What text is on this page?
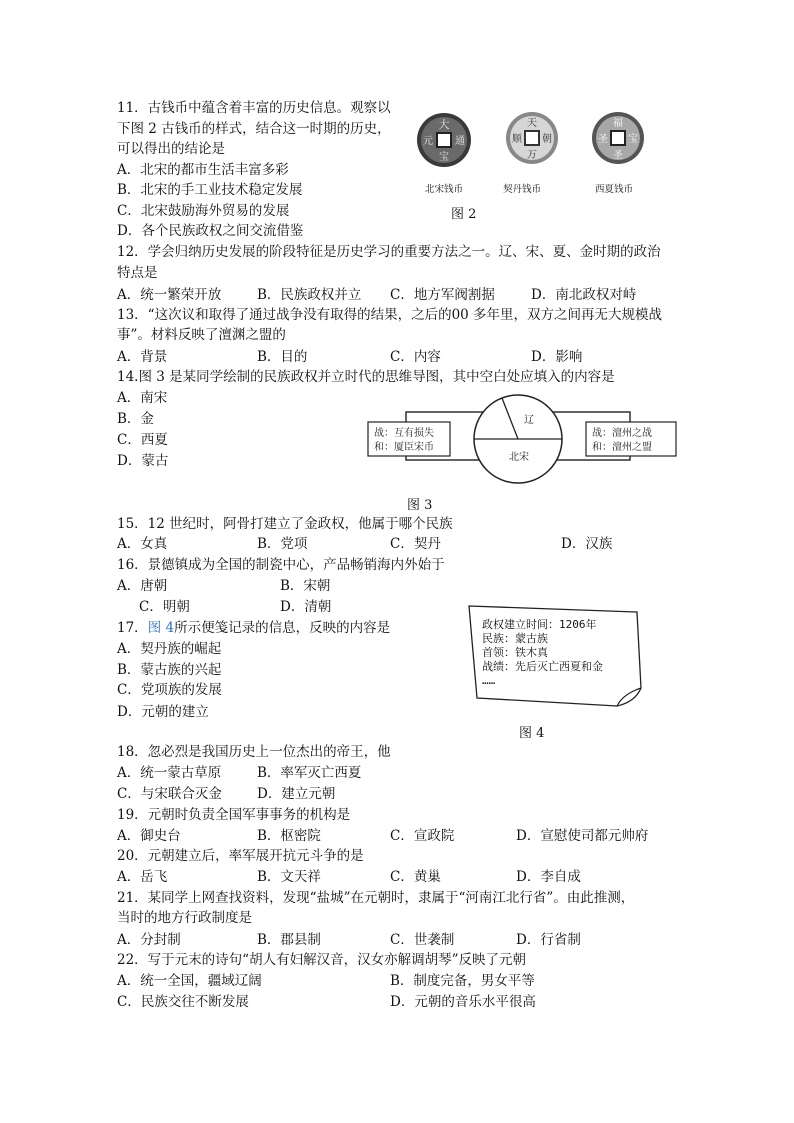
11．古钱币中蕴含着丰富的历史信息。观察以
下图 2 古钱币的样式，结合这一时期的历史，
可以得出的结论是
A．北宋的都市生活丰富多彩
B．北宋的手工业技术稳定发展
C．北宋鼓励海外贸易的发展
D．各个民族政权之间交流借鉴
大
通
宝
元
天
朝
万
顺
福
宝
圣
圣
北宋钱币	契丹钱币	西夏钱币
图 2
12．学会归纳历史发展的阶段特征是历史学习的重要方法之一。辽、宋、夏、金时期的政治
特点是
A．统一繁荣开放	B．民族政权并立 C．地方军阀割据	D．南北政权对峙
13．“这次议和取得了通过战争没有取得的结果，之后的00 多年里，双方之间再无大规模战
事”。材料反映了澶渊之盟的
A．背景	B．目的	C．内容	D．影响
14.图 3 是某同学绘制的民族政权并立时代的思维导图，其中空白处应填入的内容是
A．南宋
B．金
C．西夏
D．蒙古
战：互有损失
和：厦臣宋币
战：澶州之战
和：澶州之盟
辽
北宋
图 3
15．12 世纪时，阿骨打建立了金政权，他属于哪个民族
A．女真	B．党项	C．契丹	D．汉族
16．景德镇成为全国的制瓷中心，产品畅销海内外始于
A．唐朝	B．宋朝
C．明朝	D．清朝
17．图 4所示便笺记录的信息，反映的内容是
A．契丹族的崛起
B．蒙古族的兴起
C．党项族的发展
D．元朝的建立
政权建立时间：1206年
民族：蒙古族
首领：铁木真
战绩：先后灭亡西夏和金
……
图 4
18．忽必烈是我国历史上一位杰出的帝王，他
A．统一蒙古草原	B．率军灭亡西夏
C．与宋联合灭金	D．建立元朝
19．元朝时负责全国军事事务的机构是
A．御史台	B．枢密院	C．宣政院	D．宣慰使司都元帅府
20．元朝建立后，率军展开抗元斗争的是
A．岳飞	B．文天祥	C．黄巢	D．李自成
21．某同学上网查找资料，发现“盐城”在元朝时，隶属于“河南江北行省”。由此推测，
当时的地方行政制度是
A．分封制	B．郡县制	C．世袭制	D．行省制
22．写于元末的诗句“胡人有妇解汉音，汉女亦解调胡琴”反映了元朝
A．统一全国，疆域辽阔	B．制度完备，男女平等
C．民族交往不断发展	D．元朝的音乐水平很高
